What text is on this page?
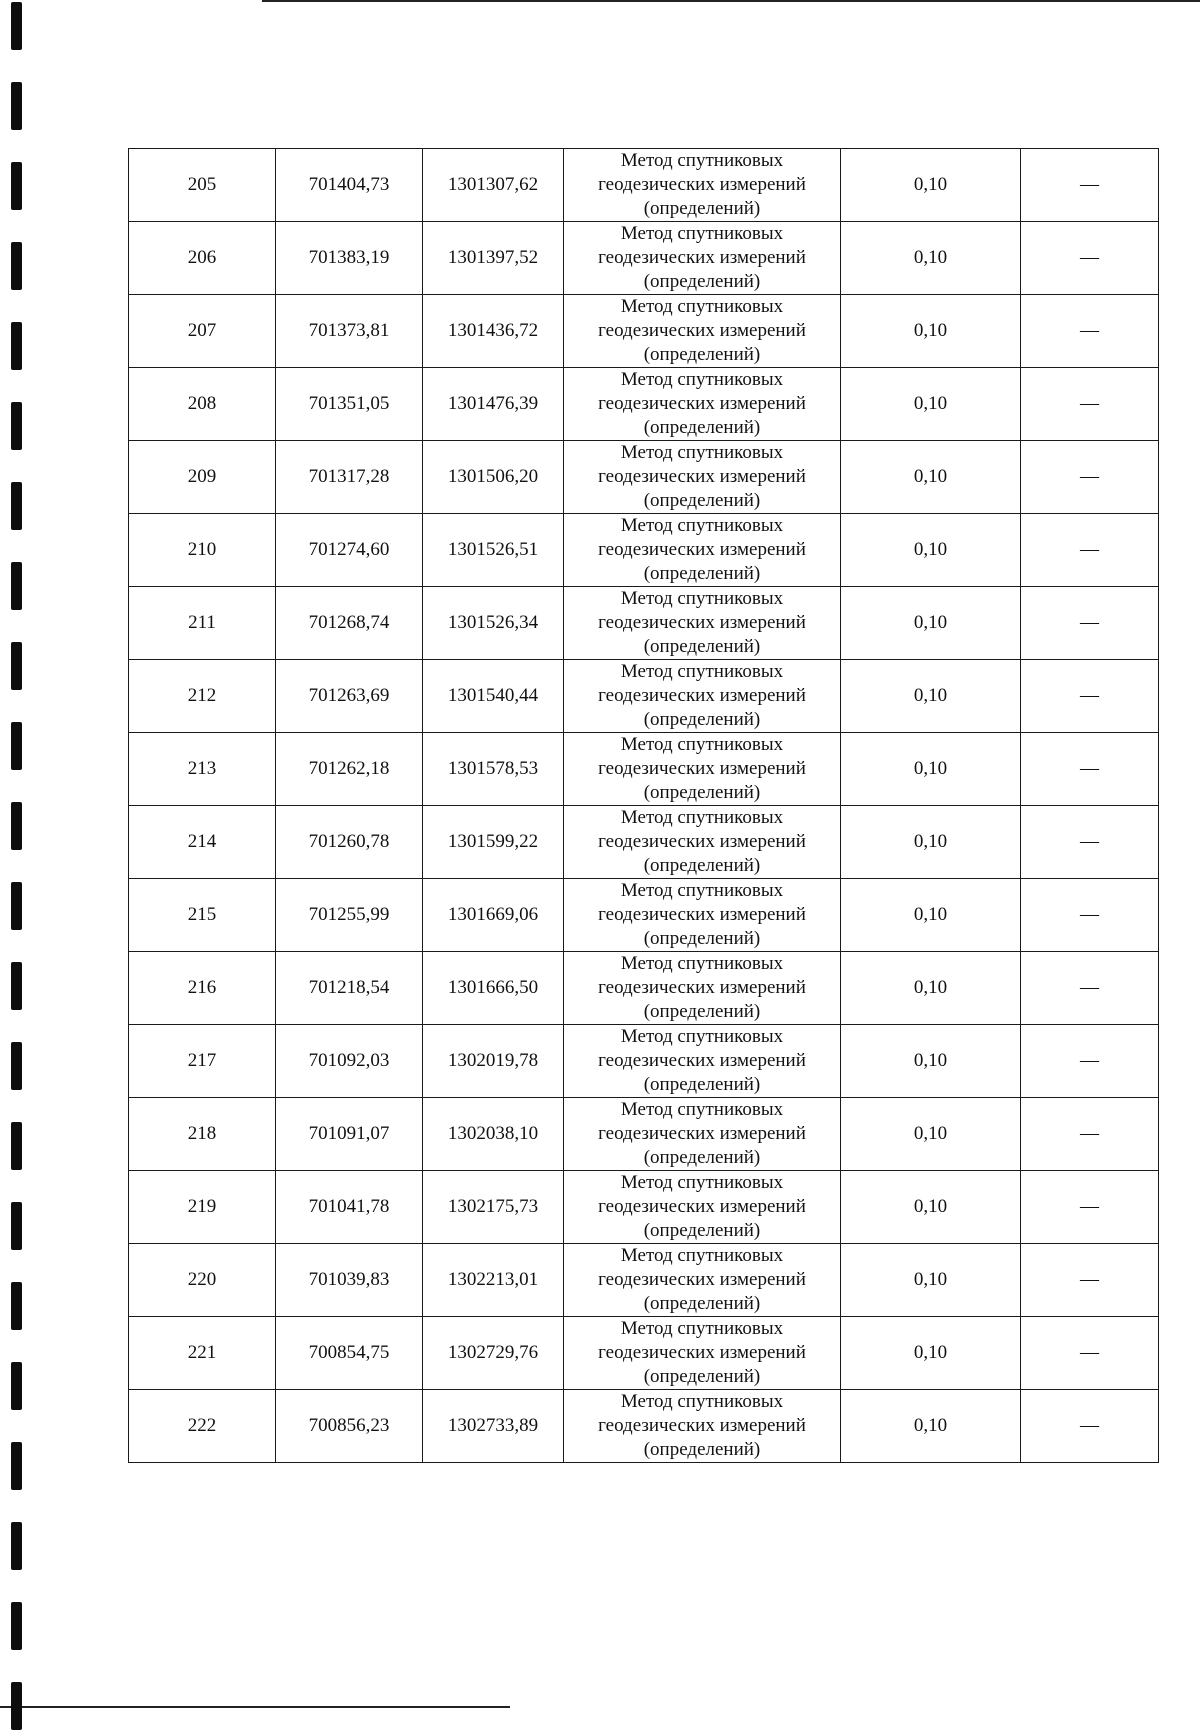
205	701404,73	1301307,62	Метод спутниковых
геодезических измерений
(определений)	0,10	—
206	701383,19	1301397,52	Метод спутниковых
геодезических измерений
(определений)	0,10	—
207	701373,81	1301436,72	Метод спутниковых
геодезических измерений
(определений)	0,10	—
208	701351,05	1301476,39	Метод спутниковых
геодезических измерений
(определений)	0,10	—
209	701317,28	1301506,20	Метод спутниковых
геодезических измерений
(определений)	0,10	—
210	701274,60	1301526,51	Метод спутниковых
геодезических измерений
(определений)	0,10	—
211	701268,74	1301526,34	Метод спутниковых
геодезических измерений
(определений)	0,10	—
212	701263,69	1301540,44	Метод спутниковых
геодезических измерений
(определений)	0,10	—
213	701262,18	1301578,53	Метод спутниковых
геодезических измерений
(определений)	0,10	—
214	701260,78	1301599,22	Метод спутниковых
геодезических измерений
(определений)	0,10	—
215	701255,99	1301669,06	Метод спутниковых
геодезических измерений
(определений)	0,10	—
216	701218,54	1301666,50	Метод спутниковых
геодезических измерений
(определений)	0,10	—
217	701092,03	1302019,78	Метод спутниковых
геодезических измерений
(определений)	0,10	—
218	701091,07	1302038,10	Метод спутниковых
геодезических измерений
(определений)	0,10	—
219	701041,78	1302175,73	Метод спутниковых
геодезических измерений
(определений)	0,10	—
220	701039,83	1302213,01	Метод спутниковых
геодезических измерений
(определений)	0,10	—
221	700854,75	1302729,76	Метод спутниковых
геодезических измерений
(определений)	0,10	—
222	700856,23	1302733,89	Метод спутниковых
геодезических измерений
(определений)	0,10	—
